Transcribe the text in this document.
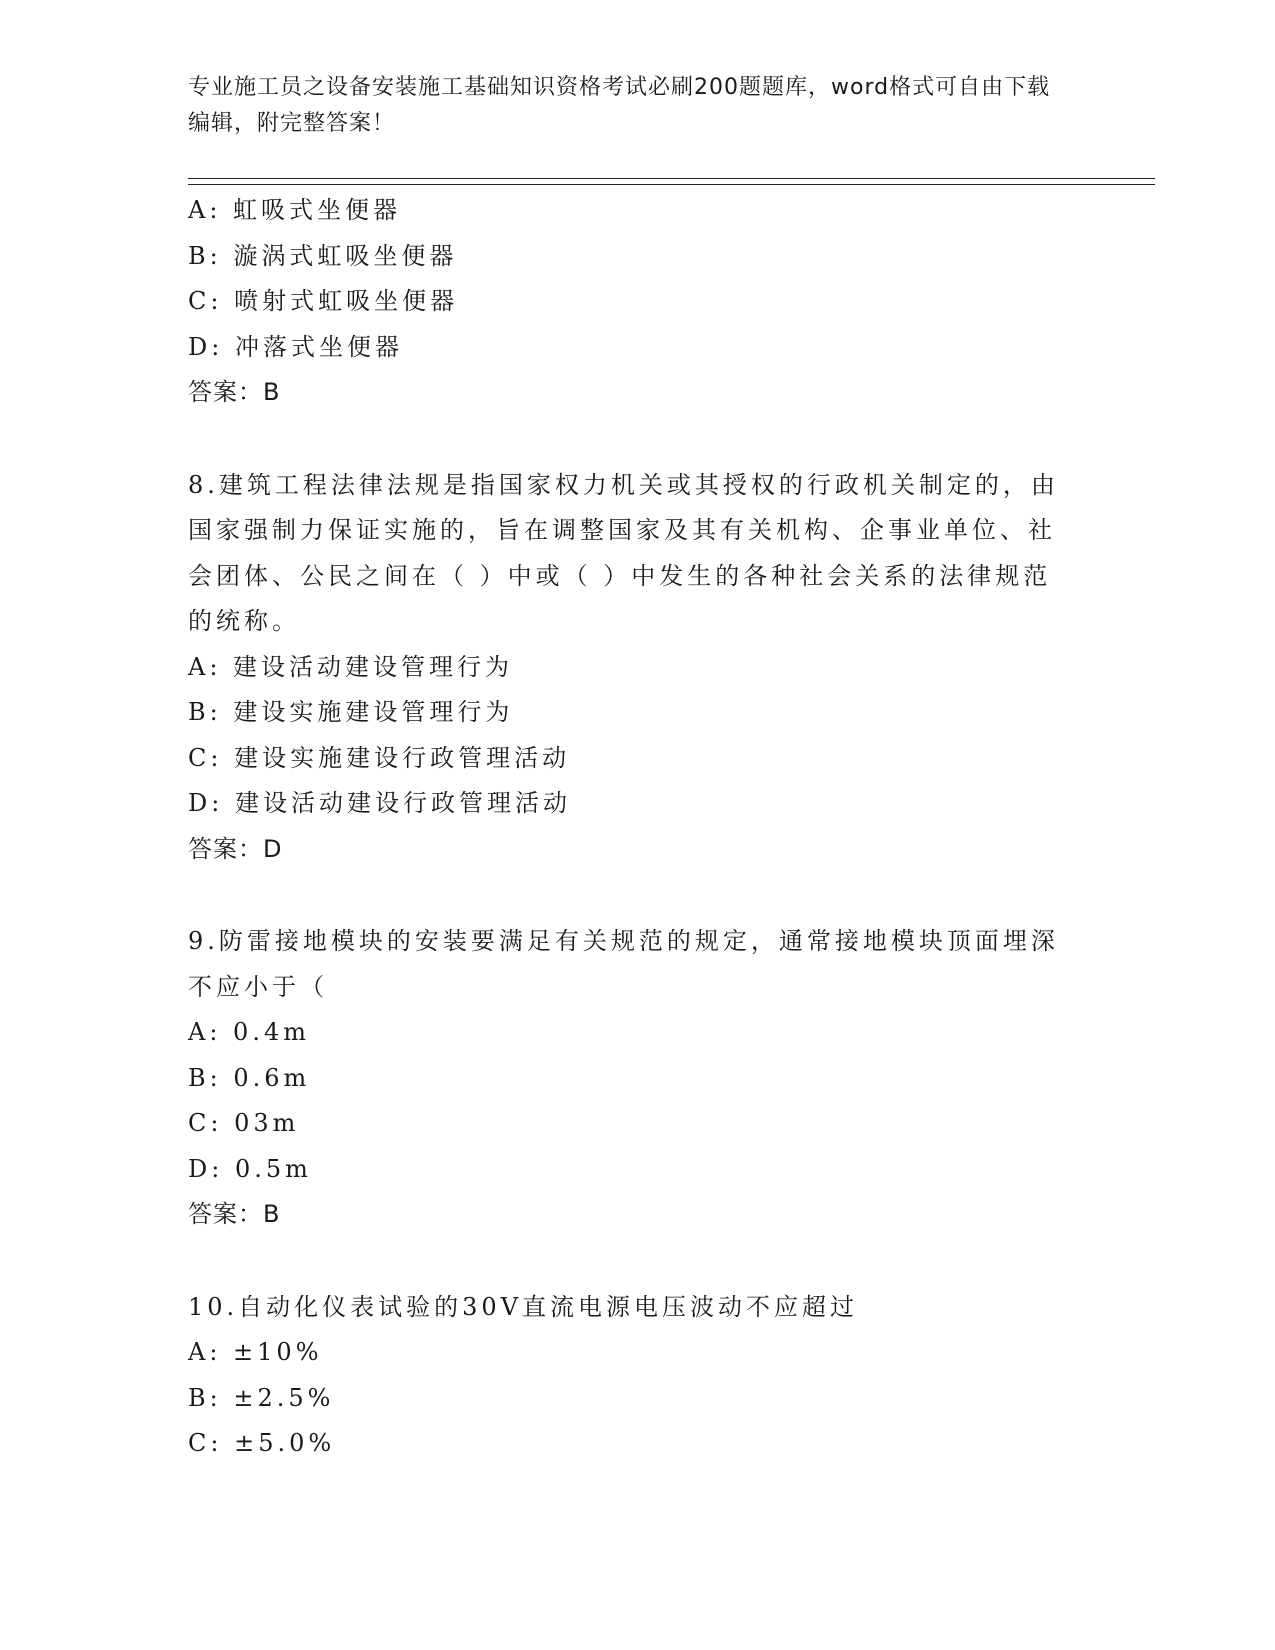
专业施工员之设备安装施工基础知识资格考试必刷200题题库，word格式可自由下载编辑，附完整答案！
A: 虹吸式坐便器
B: 漩涡式虹吸坐便器
C: 喷射式虹吸坐便器
D: 冲落式坐便器
答案：B
8.建筑工程法律法规是指国家权力机关或其授权的行政机关制定的，由国家强制力保证实施的，旨在调整国家及其有关机构、企事业单位、社会团体、公民之间在（ ）中或（ ）中发生的各种社会关系的法律规范的统称。
A: 建设活动建设管理行为
B: 建设实施建设管理行为
C: 建设实施建设行政管理活动
D: 建设活动建设行政管理活动
答案：D
9.防雷接地模块的安装要满足有关规范的规定，通常接地模块顶面埋深不应小于（
A: 0.4m
B: 0.6m
C: 03m
D: 0.5m
答案：B
10.自动化仪表试验的30V直流电源电压波动不应超过
A: ±10%
B: ±2.5%
C: ±5.0%
